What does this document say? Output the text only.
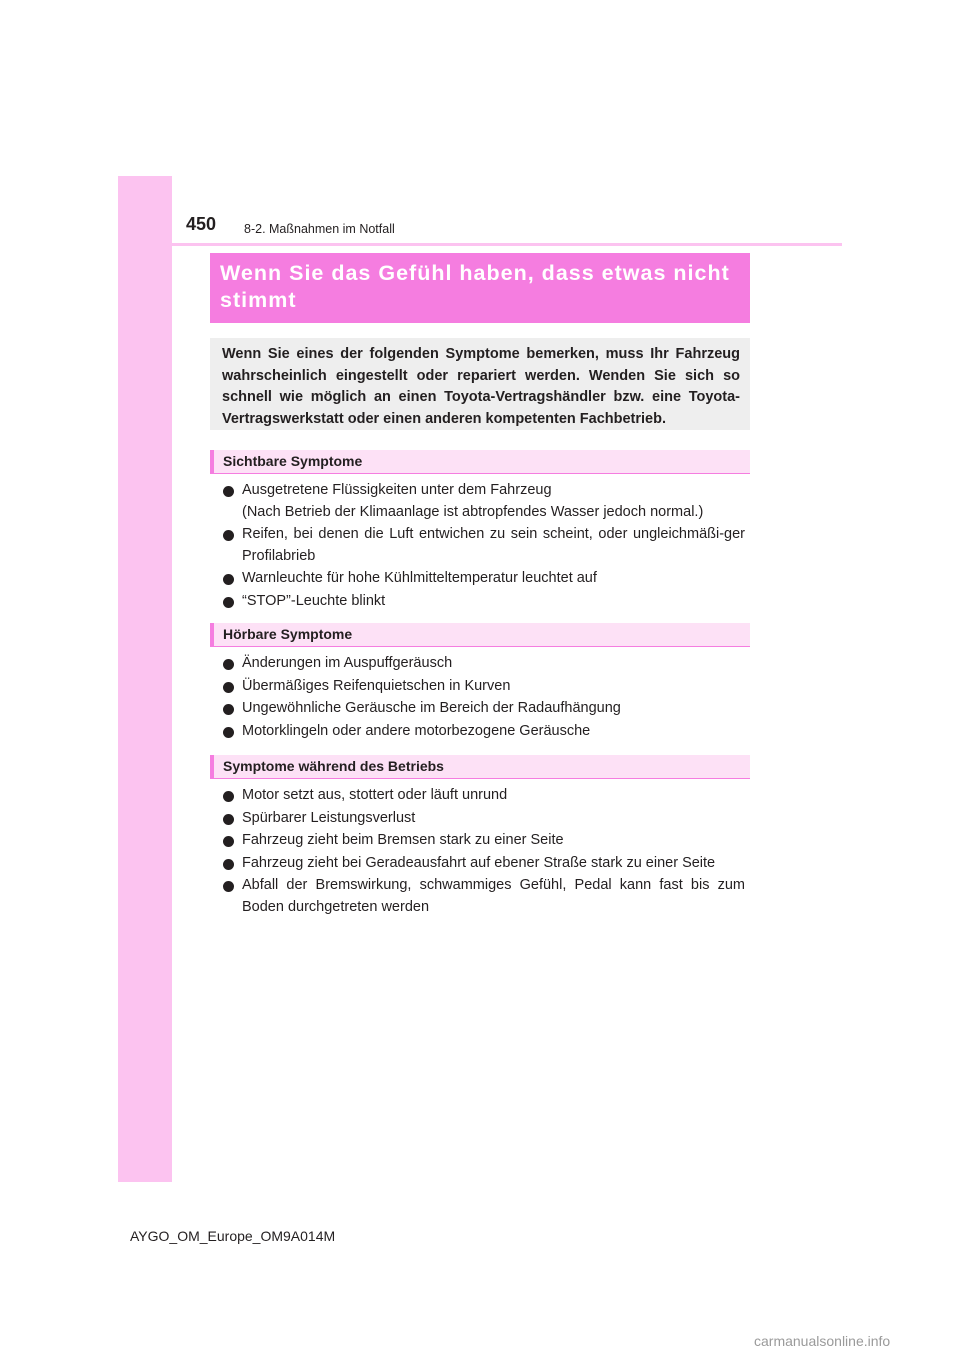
450 8-2. Maßnahmen im Notfall
Wenn Sie das Gefühl haben, dass etwas nicht stimmt
Wenn Sie eines der folgenden Symptome bemerken, muss Ihr Fahrzeug wahrscheinlich eingestellt oder repariert werden. Wenden Sie sich so schnell wie möglich an einen Toyota-Vertragshändler bzw. eine Toyota-Vertragswerkstatt oder einen anderen kompetenten Fachbetrieb.
Sichtbare Symptome
Ausgetretene Flüssigkeiten unter dem Fahrzeug
(Nach Betrieb der Klimaanlage ist abtropfendes Wasser jedoch normal.)
Reifen, bei denen die Luft entwichen zu sein scheint, oder ungleichmäßi-ger Profilabrieb
Warnleuchte für hohe Kühlmitteltemperatur leuchtet auf
“STOP”-Leuchte blinkt
Hörbare Symptome
Änderungen im Auspuffgeräusch
Übermäßiges Reifenquietschen in Kurven
Ungewöhnliche Geräusche im Bereich der Radaufhängung
Motorklingeln oder andere motorbezogene Geräusche
Symptome während des Betriebs
Motor setzt aus, stottert oder läuft unrund
Spürbarer Leistungsverlust
Fahrzeug zieht beim Bremsen stark zu einer Seite
Fahrzeug zieht bei Geradeausfahrt auf ebener Straße stark zu einer Seite
Abfall der Bremswirkung, schwammiges Gefühl, Pedal kann fast bis zum Boden durchgetreten werden
AYGO_OM_Europe_OM9A014M
carmanualsonline.info
